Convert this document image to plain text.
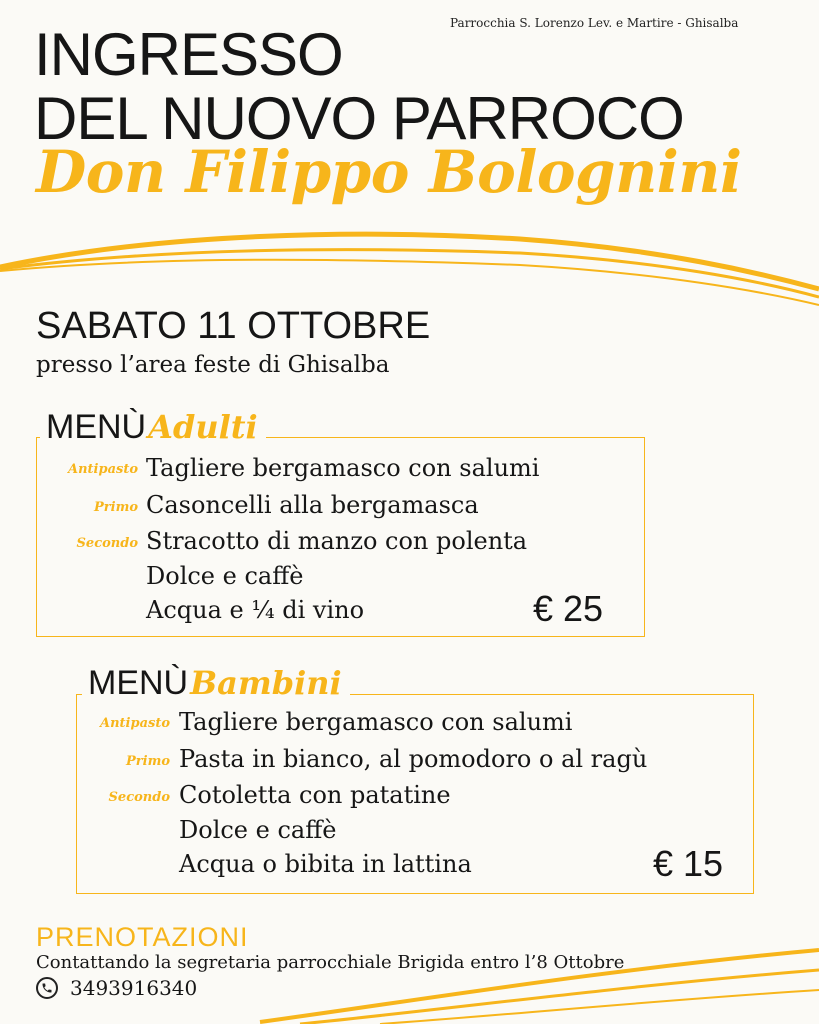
Parrocchia S. Lorenzo Lev. e Martire - Ghisalba
INGRESSO
DEL NUOVO PARROCO
Don Filippo Bolognini
SABATO 11 OTTOBRE
presso l’area feste di Ghisalba
MENÙAdulti
Antipasto Tagliere bergamasco con salumi
Primo Casoncelli alla bergamasca
Secondo Stracotto di manzo con polenta
Dolce e caffè
Acqua e ¼ di vino	€ 25
MENÙBambini
Antipasto Tagliere bergamasco con salumi
Primo Pasta in bianco, al pomodoro o al ragù
Secondo Cotoletta con patatine
Dolce e caffè
Acqua o bibita in lattina	€ 15
PRENOTAZIONI
Contattando la segretaria parrocchiale Brigida entro l’8 Ottobre
3493916340
